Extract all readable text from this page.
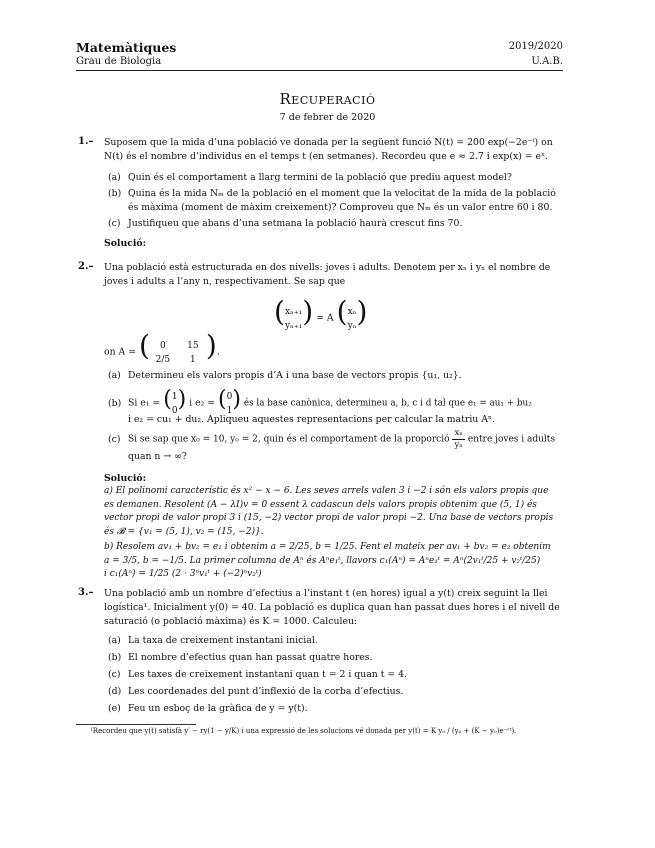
Matemàtiques
Grau de Biologia
2019/2020
U.A.B.
Recuperació
7 de febrer de 2020
1.– Suposem que la mida d’una població ve donada per la següent funció N(t) = 200 exp(−2e⁻ᵗ) on
N(t) és el nombre d’individus en el temps t (en setmanes). Recordeu que e ≈ 2.7 i exp(x) = eˣ.
(a) Quin és el comportament a llarg termini de la població que prediu aquest model?
(b) Quina és la mida Nₘ de la població en el moment que la velocitat de la mida de la població
és màxima (moment de màxim creixement)? Comproveu que Nₘ és un valor entre 60 i 80.
(c) Justifiqueu que abans d’una setmana la població haurà crescut fins 70.
Solució:
2.– Una població està estructurada en dos nivells: joves i adults. Denotem per xₙ i yₙ el nombre de
joves i adults a l’any n, respectivament. Se sap que
( xₙ₊₁
yₙ₊₁ ) = A ( xₙ
yₙ )
on A = (	0	15
2/5	1 ).
(a) Determineu els valors propis d’A i una base de vectors propis {u₁, u₂}.
(b) Si e₁ = ( 1
0 ) i e₂ = ( 0
1 ) és la base canònica, determineu a, b, c i d tal que e₁ = au₁ + bu₂
i e₂ = cu₁ + du₂. Apliqueu aquestes representacions per calcular la matriu Aⁿ.
(c) Si se sap que x₀ = 10, y₀ = 2, quin és el comportament de la proporció $\frac{\text{xₙ}}{\text{yₙ}}$ entre joves i adults
quan n → ∞?
Solució:
a) El polinomi característic és x² − x − 6. Les seves arrels valen 3 i −2 i són els valors propis que
es demanen. Resolent (A − λI)v = 0 essent λ cadascun dels valors propis obtenim que (5, 1) és
vector propi de valor propi 3 i (15, −2) vector propi de valor propi −2. Una base de vectors propis
és 𝓑 = {v₁ = (5, 1), v₂ = (15, −2)}.
b) Resolem av₁ + bv₂ = e₁ i obtenim a = 2/25, b = 1/25. Fent el mateix per av₁ + bv₂ = e₂ obtenim
a = 3/5, b = −1/5. La primer columna de Aⁿ és Aⁿe₁ᵗ, llavors c₁(Aⁿ) = Aⁿe₁ᵗ = Aⁿ(2v₁ᵗ/25 + v₂ᵗ/25)
i c₁(Aⁿ) = 1/25 (2 · 3ⁿv₁ᵗ + (−2)ⁿv₂ᵗ)
3.– Una població amb un nombre d’efectius a l’instant t (en hores) igual a y(t) creix seguint la llei
logística¹. Inicialment y(0) = 40. La població es duplica quan han passat dues hores i el nivell de
saturació (o població màxima) és K = 1000. Calculeu:
(a) La taxa de creixement instantani inicial.
(b) El nombre d’efectius quan han passat quatre hores.
(c) Les taxes de creixement instantani quan t = 2 i quan t = 4.
(d) Les coordenades del punt d’inflexió de la corba d’efectius.
(e) Feu un esboç de la gràfica de y = y(t).
¹Recordeu que y(t) satisfà y′ − ry(1 − y/K) i una expressió de les solucions vé donada per y(t) = K y₀ / (y₀ + (K − y₀)e⁻ʳᵗ).
